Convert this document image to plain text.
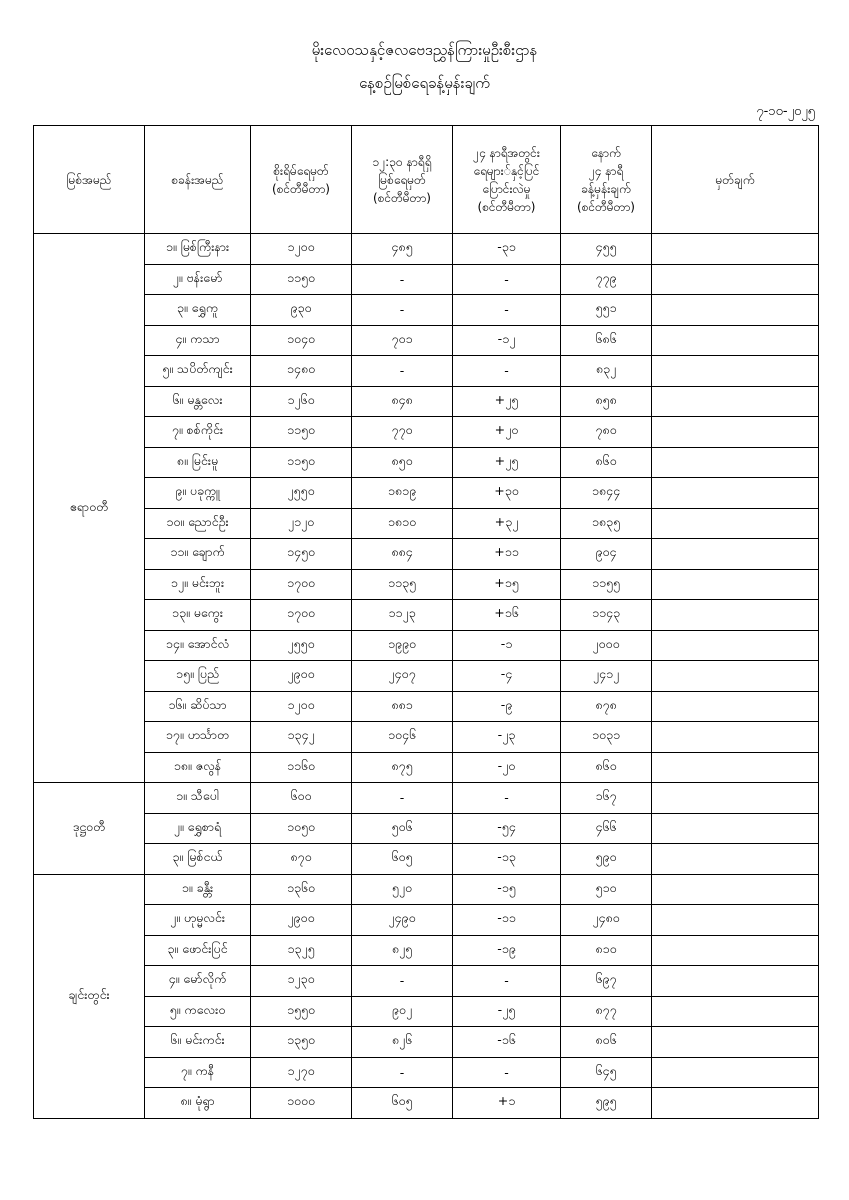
မိုးလေဝသနှင့်ဇလဗေဒညွှန်ကြားမှုဦးစီးဌာန
နေ့စဉ်မြစ်ရေခန့်မှန်းချက်
၇-၁၀-၂၀၂၅
မြစ်အမည်	စခန်းအမည်	စိုးရိမ်ရေမှတ်
(စင်တီမီတာ)	၁၂:၃၀ နာရီရှိ
မြစ်ရေမှတ်
(စင်တီမီတာ)	၂၄ နာရီအတွင်း
ရေများ်နှင့်ပြင်
ပြောင်းလဲမှု
(စင်တီမီတာ)	နောက်
၂၄ နာရီ
ခန့်မှန်းချက်
(စင်တီမီတာ)	မှတ်ချက်
ဧရာဝတီ	၁။ မြစ်ကြီးနား	၁၂၀၀	၄၈၅	-၃၁	၄၅၅	
	၂။ ဗန်းမော်	၁၁၅၀	-	-	၇၇၉	
	၃။ ရွှေကူ	၉၃၀	-	-	၅၅၁	
	၄။ ကသာ	၁၀၄၀	၇၀၁	-၁၂	၆၈၆	
	၅။ သပိတ်ကျင်း	၁၄၈၀	-	-	၈၃၂	
	၆။ မန္တလေး	၁၂၆၀	၈၄၈	+၂၅	၈၅၈	
	၇။ စစ်ကိုင်း	၁၁၅၀	၇၇၀	+၂၀	၇၈၀	
	၈။ မြင်းမူ	၁၁၅၀	၈၅၀	+၂၅	၈၆၀	
	၉။ ပခုက္ကူ	၂၅၅၀	၁၈၁၉	+၃၀	၁၈၄၄	
	၁၀။ ညောင်ဦး	၂၁၂၀	၁၈၁၀	+၃၂	၁၈၃၅	
	၁၁။ ချောက်	၁၄၅၀	၈၈၄	+၁၁	၉၀၄	
	၁၂။ မင်းဘူး	၁၇၀၀	၁၁၃၅	+၁၅	၁၁၅၅	
	၁၃။ မကွေး	၁၇၀၀	၁၁၂၃	+၁၆	၁၁၄၃	
	၁၄။ အောင်လံ	၂၅၅၀	၁၉၉၀	-၁	၂၀၀၀	
	၁၅။ ပြည်	၂၉၀၀	၂၄၀၇	-၄	၂၄၁၂	
	၁၆။ ဆိပ်သာ	၁၂၀၀	၈၈၁	-၉	၈၇၈	
	၁၇။ ဟင်္သာတ	၁၃၄၂	၁၀၄၆	-၂၃	၁၀၃၁	
	၁၈။ ဇလွန်	၁၁၆၀	၈၇၅	-၂၀	၈၆၀	
ဒုဋ္ဌဝတီ	၁။ သီပေါ	၆၀၀	-	-	၁၆၇	
	၂။ ရွှေစာရံ	၁၀၅၀	၅၀၆	-၅၄	၄၆၆	
	၃။ မြစ်ငယ်	၈၇၀	၆၀၅	-၁၃	၅၉၀	
ချင်းတွင်း	၁။ ခန္တီး	၁၃၆၀	၅၂၀	-၁၅	၅၁၀	
	၂။ ဟုမ္မလင်း	၂၉၀၀	၂၄၉၀	-၁၁	၂၄၈၀	
	၃။ ဖောင်းပြင်	၁၃၂၅	၈၂၅	-၁၉	၈၁၀	
	၄။ မော်လိုက်	၁၂၃၀	-	-	၆၉၇	
	၅။ ကလေးဝ	၁၅၅၀	၉၀၂	-၂၅	၈၇၇	
	၆။ မင်းကင်း	၁၃၅၀	၈၂၆	-၁၆	၈၀၆	
	၇။ ကနီ	၁၂၇၀	-	-	၆၄၅	
	၈။ မုံရွာ	၁၀၀၀	၆၀၅	+၁	၅၉၅	
